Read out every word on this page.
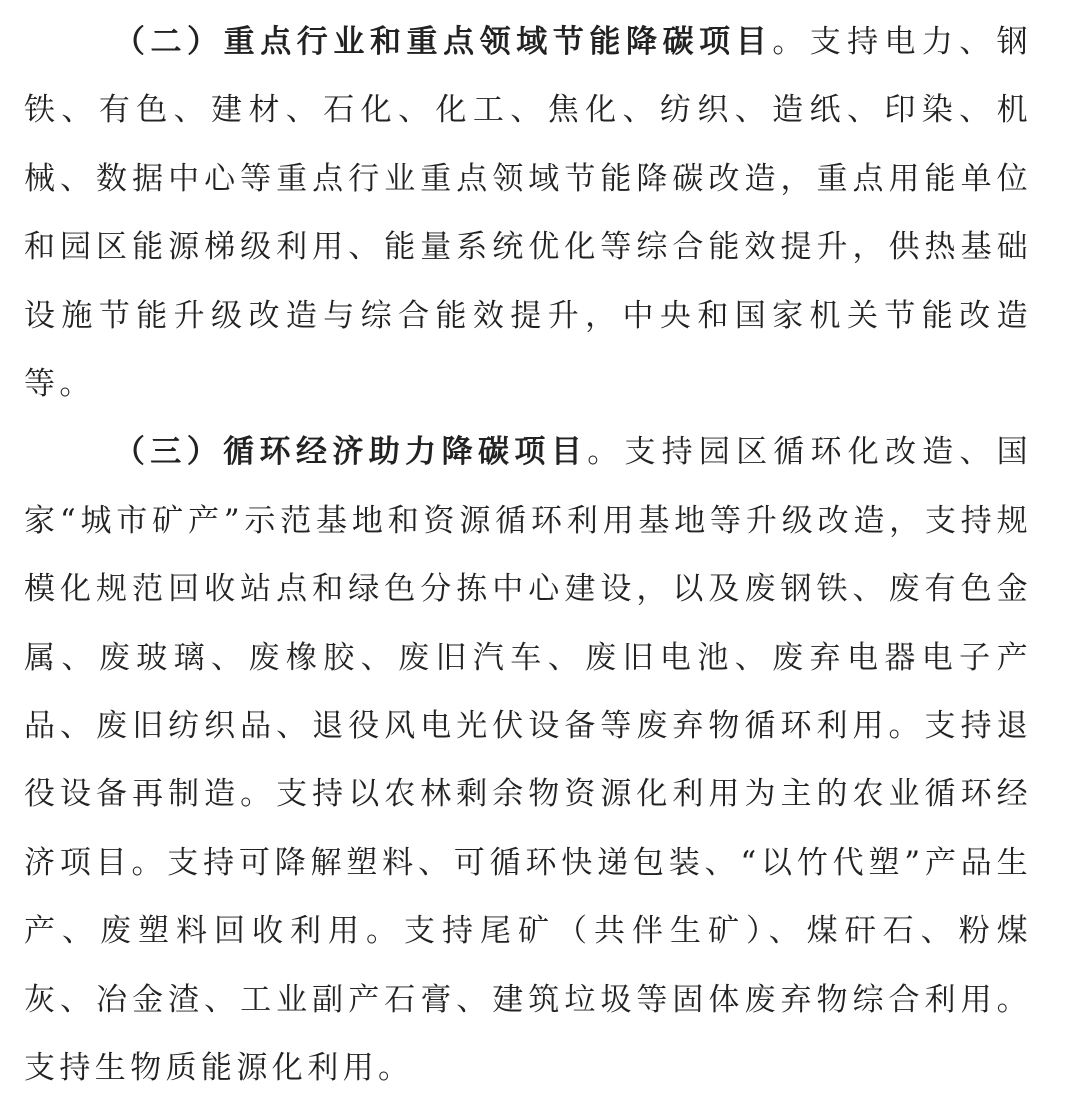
（二）重点行业和重点领域节能降碳项目。支持电力、钢铁、有色、建材、石化、化工、焦化、纺织、造纸、印染、机械、数据中心等重点行业重点领域节能降碳改造，重点用能单位和园区能源梯级利用、能量系统优化等综合能效提升，供热基础设施节能升级改造与综合能效提升，中央和国家机关节能改造等。

（三）循环经济助力降碳项目。支持园区循环化改造、国家“城市矿产”示范基地和资源循环利用基地等升级改造，支持规模化规范回收站点和绿色分拣中心建设，以及废钢铁、废有色金属、废玻璃、废橡胶、废旧汽车、废旧电池、废弃电器电子产品、废旧纺织品、退役风电光伏设备等废弃物循环利用。支持退役设备再制造。支持以农林剩余物资源化利用为主的农业循环经济项目。支持可降解塑料、可循环快递包装、“以竹代塑”产品生产、废塑料回收利用。支持尾矿（共伴生矿）、煤矸石、粉煤灰、冶金渣、工业副产石膏、建筑垃圾等固体废弃物综合利用。支持生物质能源化利用。
